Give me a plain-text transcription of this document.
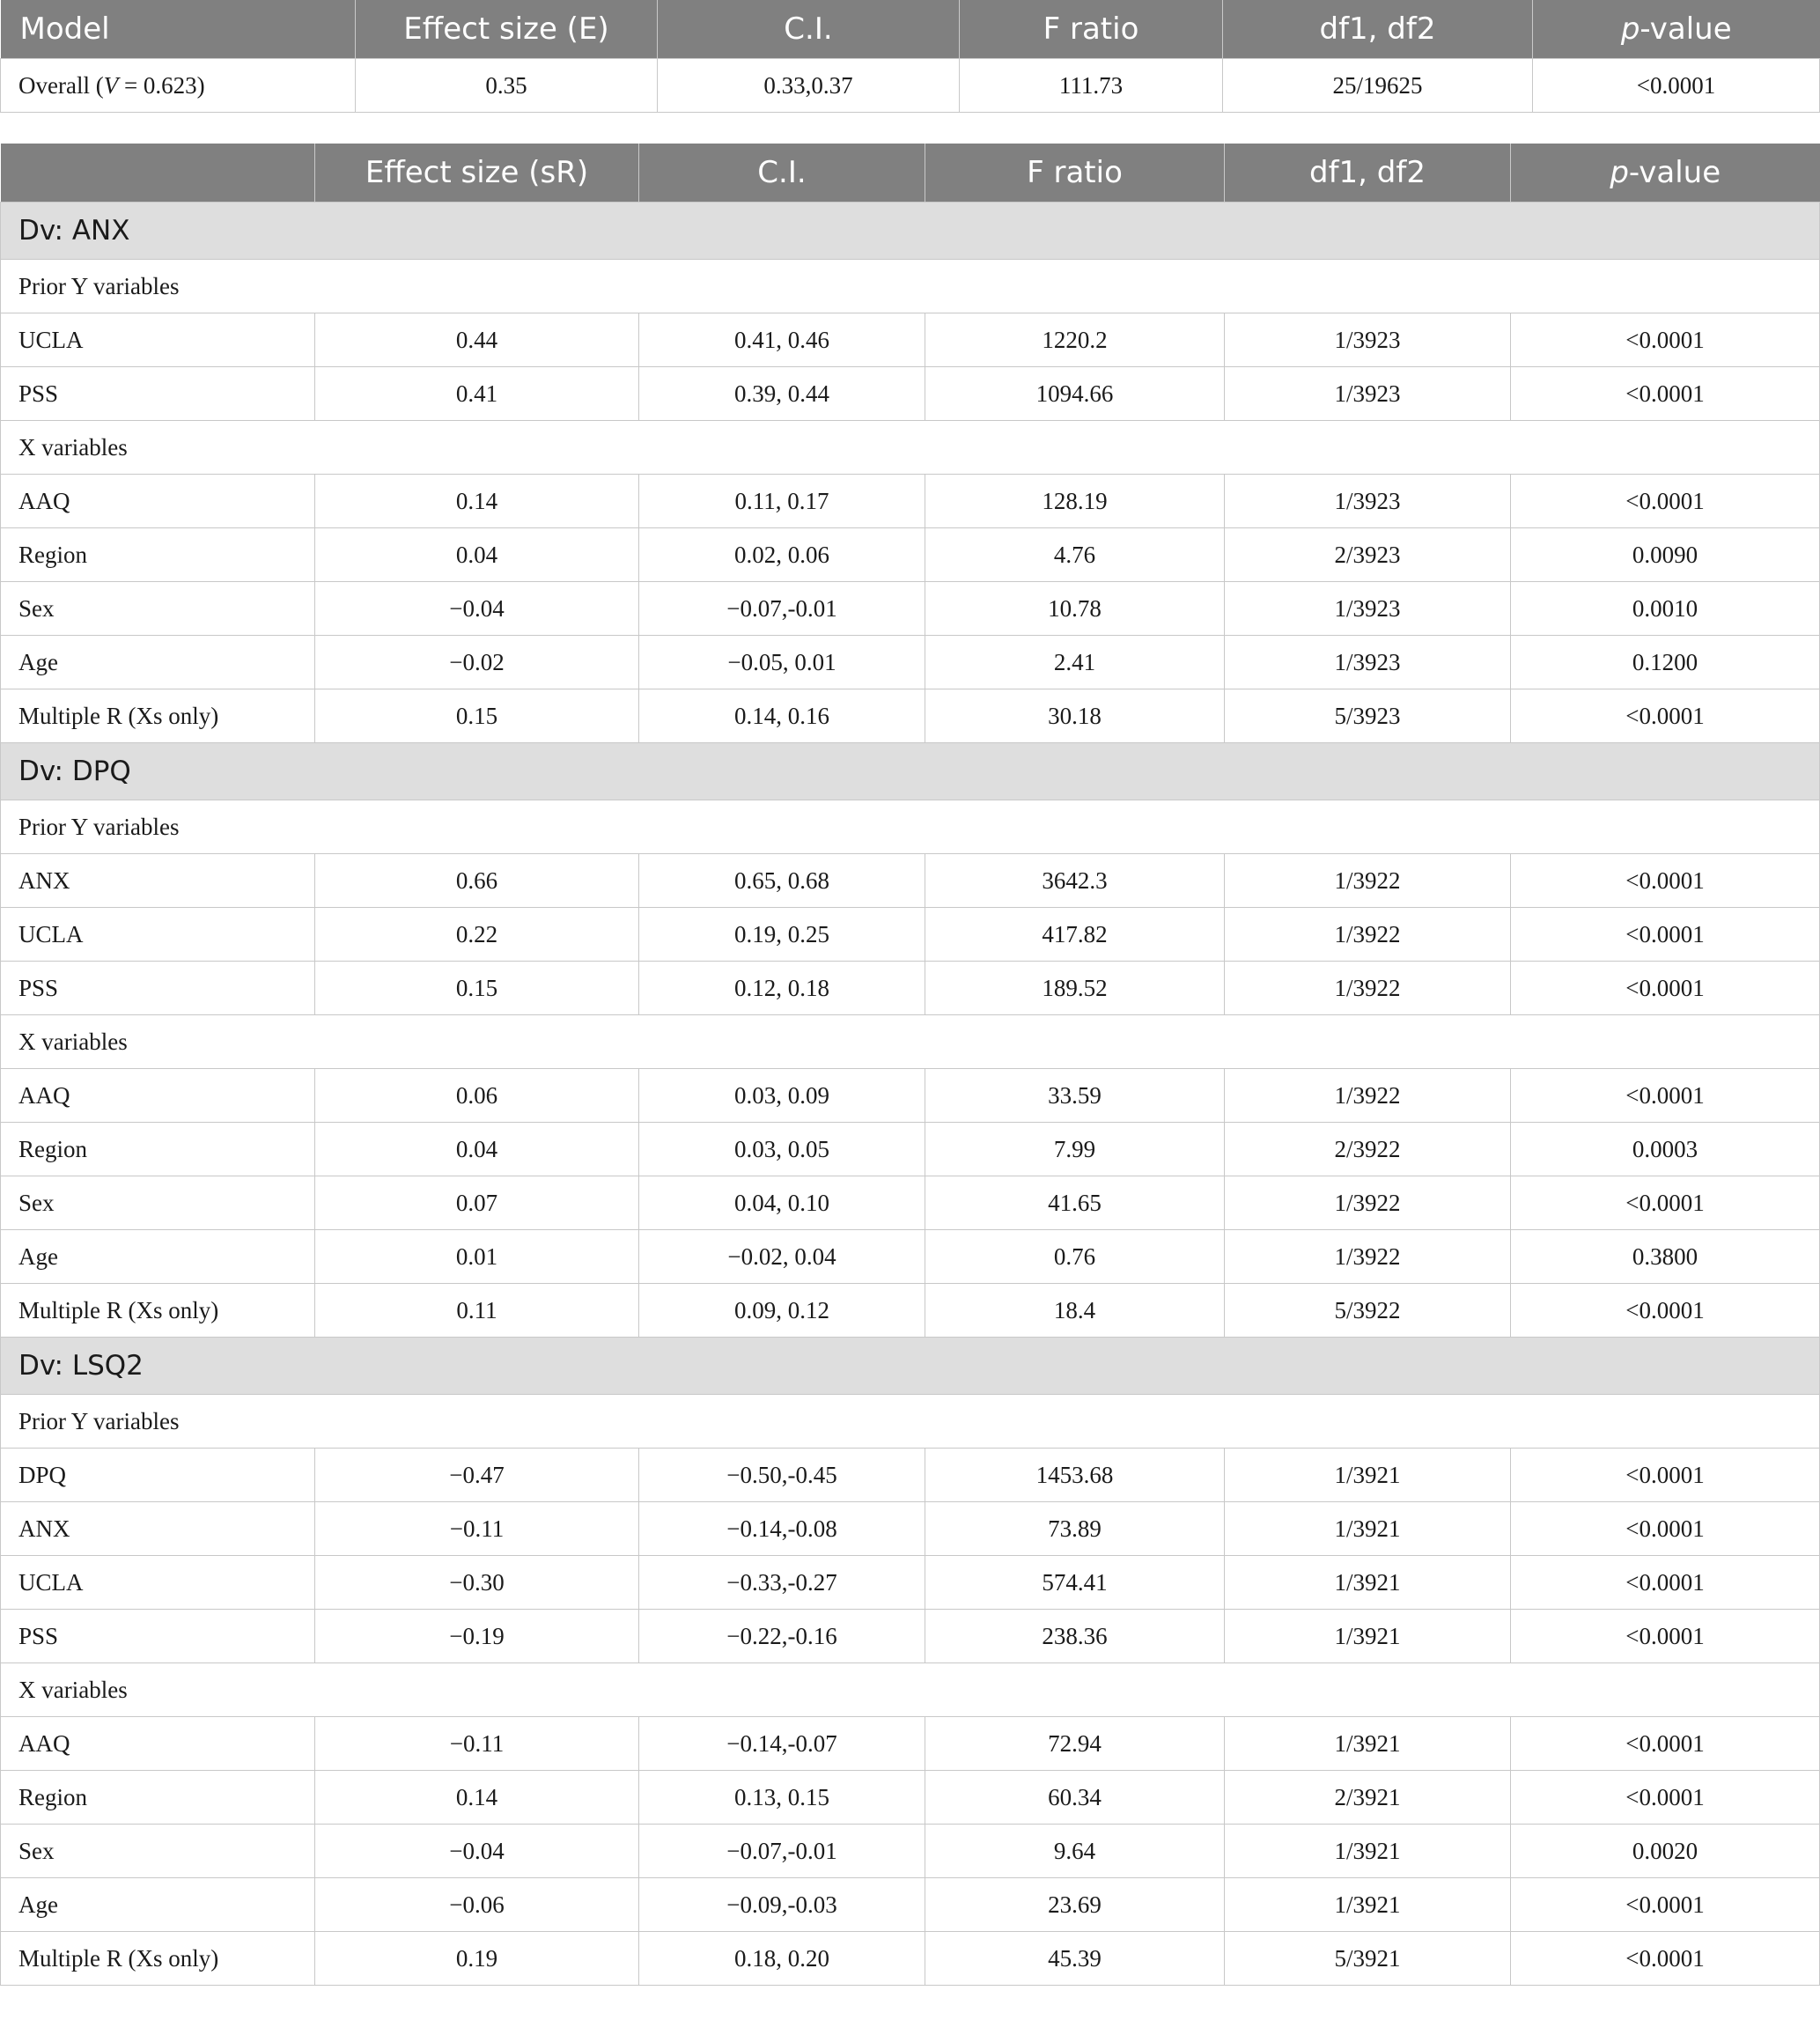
Model	Effect size (E)	C.I.	F ratio	df1, df2	p-value
Overall (V = 0.623)	0.35	0.33,0.37	111.73	25/19625	<0.0001
	Effect size (sR)	C.I.	F ratio	df1, df2	p-value
Dv: ANX					
Prior Y variables					
UCLA	0.44	0.41, 0.46	1220.2	1/3923	<0.0001
PSS	0.41	0.39, 0.44	1094.66	1/3923	<0.0001
X variables					
AAQ	0.14	0.11, 0.17	128.19	1/3923	<0.0001
Region	0.04	0.02, 0.06	4.76	2/3923	0.0090
Sex	−0.04	−0.07,-0.01	10.78	1/3923	0.0010
Age	−0.02	−0.05, 0.01	2.41	1/3923	0.1200
Multiple R (Xs only)	0.15	0.14, 0.16	30.18	5/3923	<0.0001
Dv: DPQ					
Prior Y variables					
ANX	0.66	0.65, 0.68	3642.3	1/3922	<0.0001
UCLA	0.22	0.19, 0.25	417.82	1/3922	<0.0001
PSS	0.15	0.12, 0.18	189.52	1/3922	<0.0001
X variables					
AAQ	0.06	0.03, 0.09	33.59	1/3922	<0.0001
Region	0.04	0.03, 0.05	7.99	2/3922	0.0003
Sex	0.07	0.04, 0.10	41.65	1/3922	<0.0001
Age	0.01	−0.02, 0.04	0.76	1/3922	0.3800
Multiple R (Xs only)	0.11	0.09, 0.12	18.4	5/3922	<0.0001
Dv: LSQ2					
Prior Y variables					
DPQ	−0.47	−0.50,-0.45	1453.68	1/3921	<0.0001
ANX	−0.11	−0.14,-0.08	73.89	1/3921	<0.0001
UCLA	−0.30	−0.33,-0.27	574.41	1/3921	<0.0001
PSS	−0.19	−0.22,-0.16	238.36	1/3921	<0.0001
X variables					
AAQ	−0.11	−0.14,-0.07	72.94	1/3921	<0.0001
Region	0.14	0.13, 0.15	60.34	2/3921	<0.0001
Sex	−0.04	−0.07,-0.01	9.64	1/3921	0.0020
Age	−0.06	−0.09,-0.03	23.69	1/3921	<0.0001
Multiple R (Xs only)	0.19	0.18, 0.20	45.39	5/3921	<0.0001
